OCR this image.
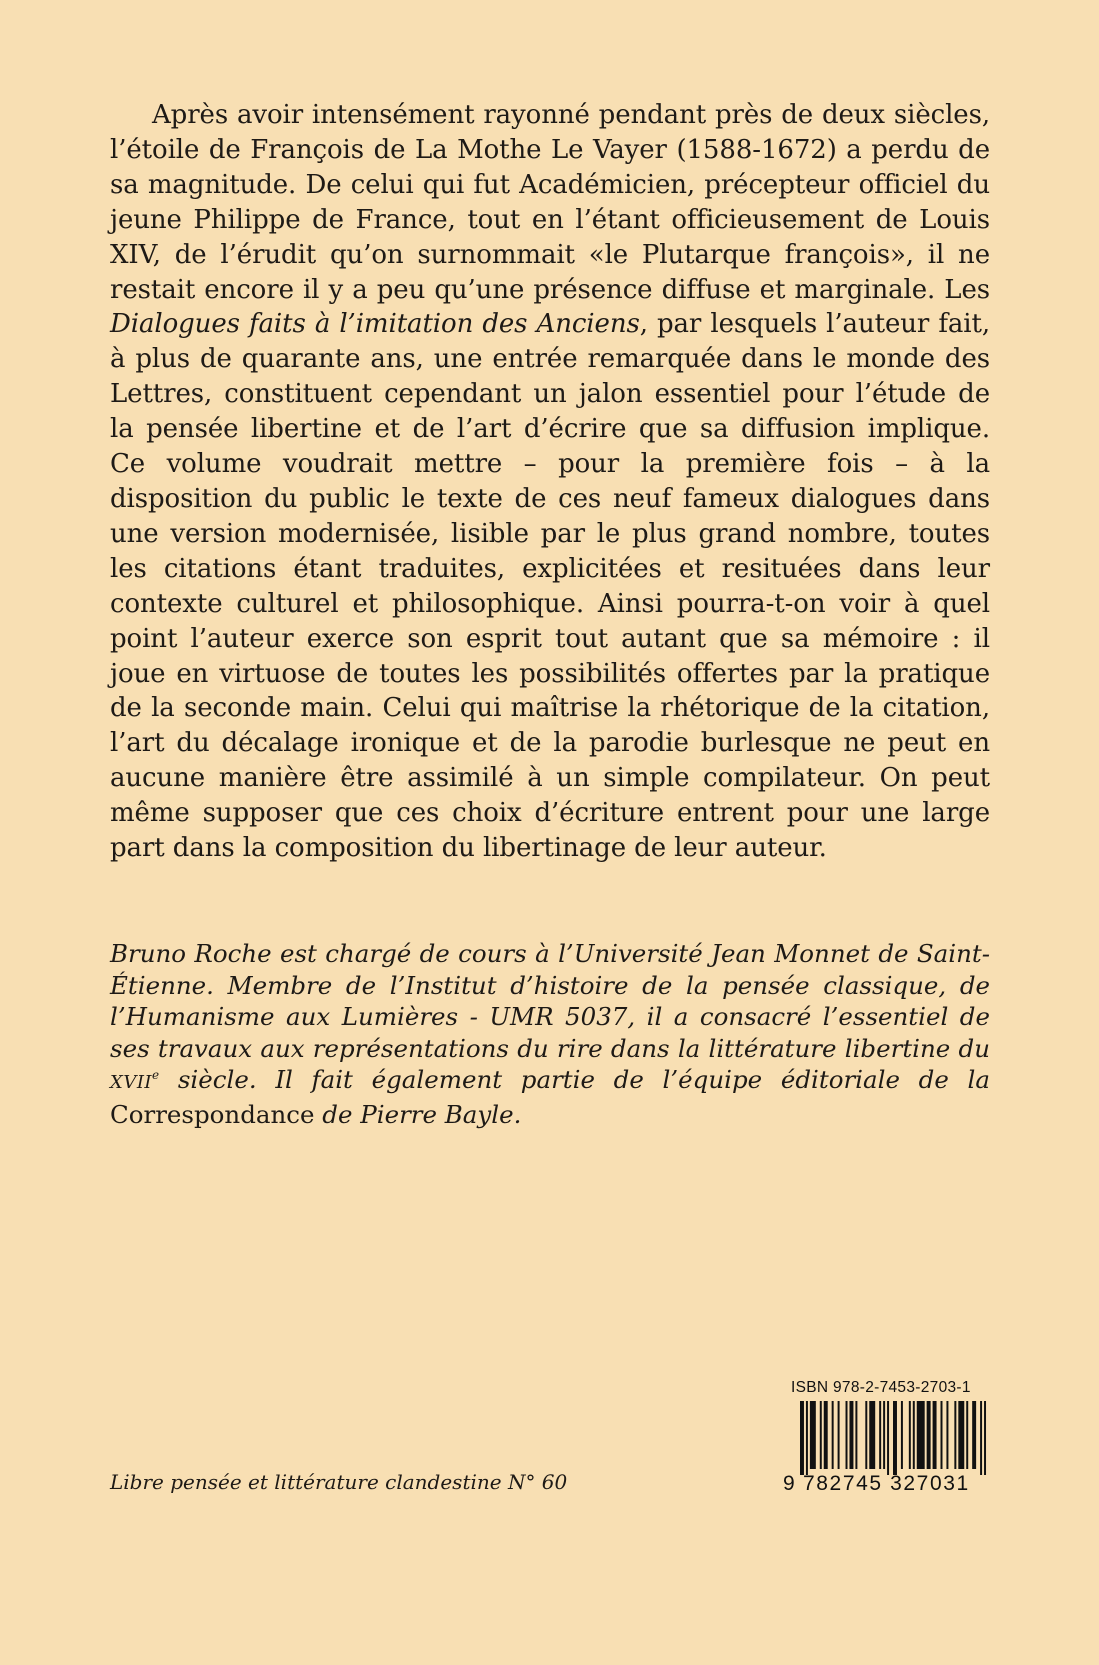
Après avoir intensément rayonné pendant près de deux siècles, l’étoile de François de La Mothe Le Vayer (1588-1672) a perdu de sa magnitude. De celui qui fut Académicien, précepteur officiel du jeune Philippe de France, tout en l’étant officieusement de Louis XIV, de l’érudit qu’on surnommait «le Plutarque françois», il ne restait encore il y a peu qu’une présence diffuse et marginale. Les Dialogues faits à l’imitation des Anciens, par lesquels l’auteur fait, à plus de quarante ans, une entrée remarquée dans le monde des Lettres, constituent cependant un jalon essentiel pour l’étude de la pensée libertine et de l’art d’écrire que sa diffusion implique. Ce volume voudrait mettre – pour la première fois – à la disposition du public le texte de ces neuf fameux dialogues dans une version modernisée, lisible par le plus grand nombre, toutes les citations étant traduites, explicitées et resituées dans leur contexte culturel et philosophique. Ainsi pourra-t-on voir à quel point l’auteur exerce son esprit tout autant que sa mémoire : il joue en virtuose de toutes les possibilités offertes par la pratique de la seconde main. Celui qui maîtrise la rhétorique de la citation, l’art du décalage ironique et de la parodie burlesque ne peut en aucune manière être assimilé à un simple compilateur. On peut même supposer que ces choix d’écriture entrent pour une large part dans la composition du libertinage de leur auteur.

Bruno Roche est chargé de cours à l’Université Jean Monnet de Saint-Étienne. Membre de l’Institut d’histoire de la pensée classique, de l’Humanisme aux Lumières - UMR 5037, il a consacré l’essentiel de ses travaux aux représentations du rire dans la littérature libertine du XVIIe siècle. Il fait également partie de l’équipe éditoriale de la Correspondance de Pierre Bayle.

Libre pensée et littérature clandestine N° 60

ISBN 978-2-7453-2703-1
9 782745 327031
